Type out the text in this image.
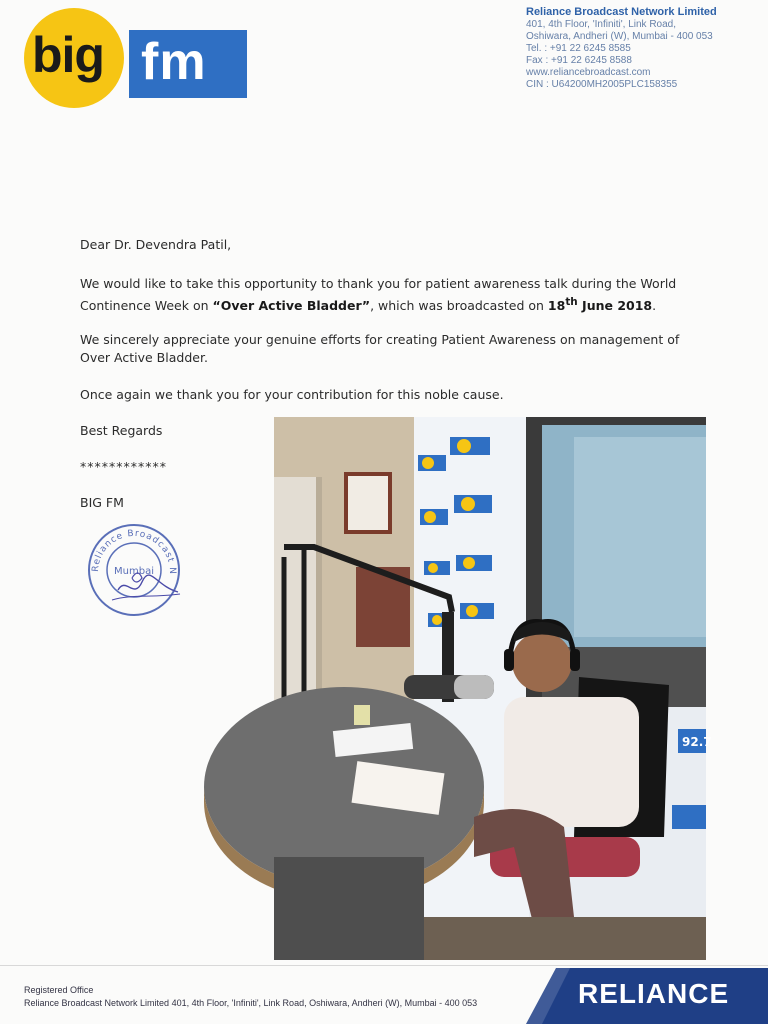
big fm
Reliance Broadcast Network Limited
401, 4th Floor, 'Infiniti', Link Road,
Oshiwara, Andheri (W), Mumbai - 400 053
Tel. : +91 22 6245 8585
Fax : +91 22 6245 8588
www.reliancebroadcast.com
CIN : U64200MH2005PLC158355
Dear Dr. Devendra Patil,
We would like to take this opportunity to thank you for patient awareness talk during the World Continence Week on “Over Active Bladder”, which was broadcasted on 18th June 2018.
We sincerely appreciate your genuine efforts for creating Patient Awareness on management of Over Active Bladder.
Once again we thank you for your contribution for this noble cause.
Best Regards
************
BIG FM
Reliance Broadcast N
Mumbai
92.7
Registered Office
Reliance Broadcast Network Limited 401, 4th Floor, 'Infiniti', Link Road, Oshiwara, Andheri (W), Mumbai - 400 053	RELIANCE
